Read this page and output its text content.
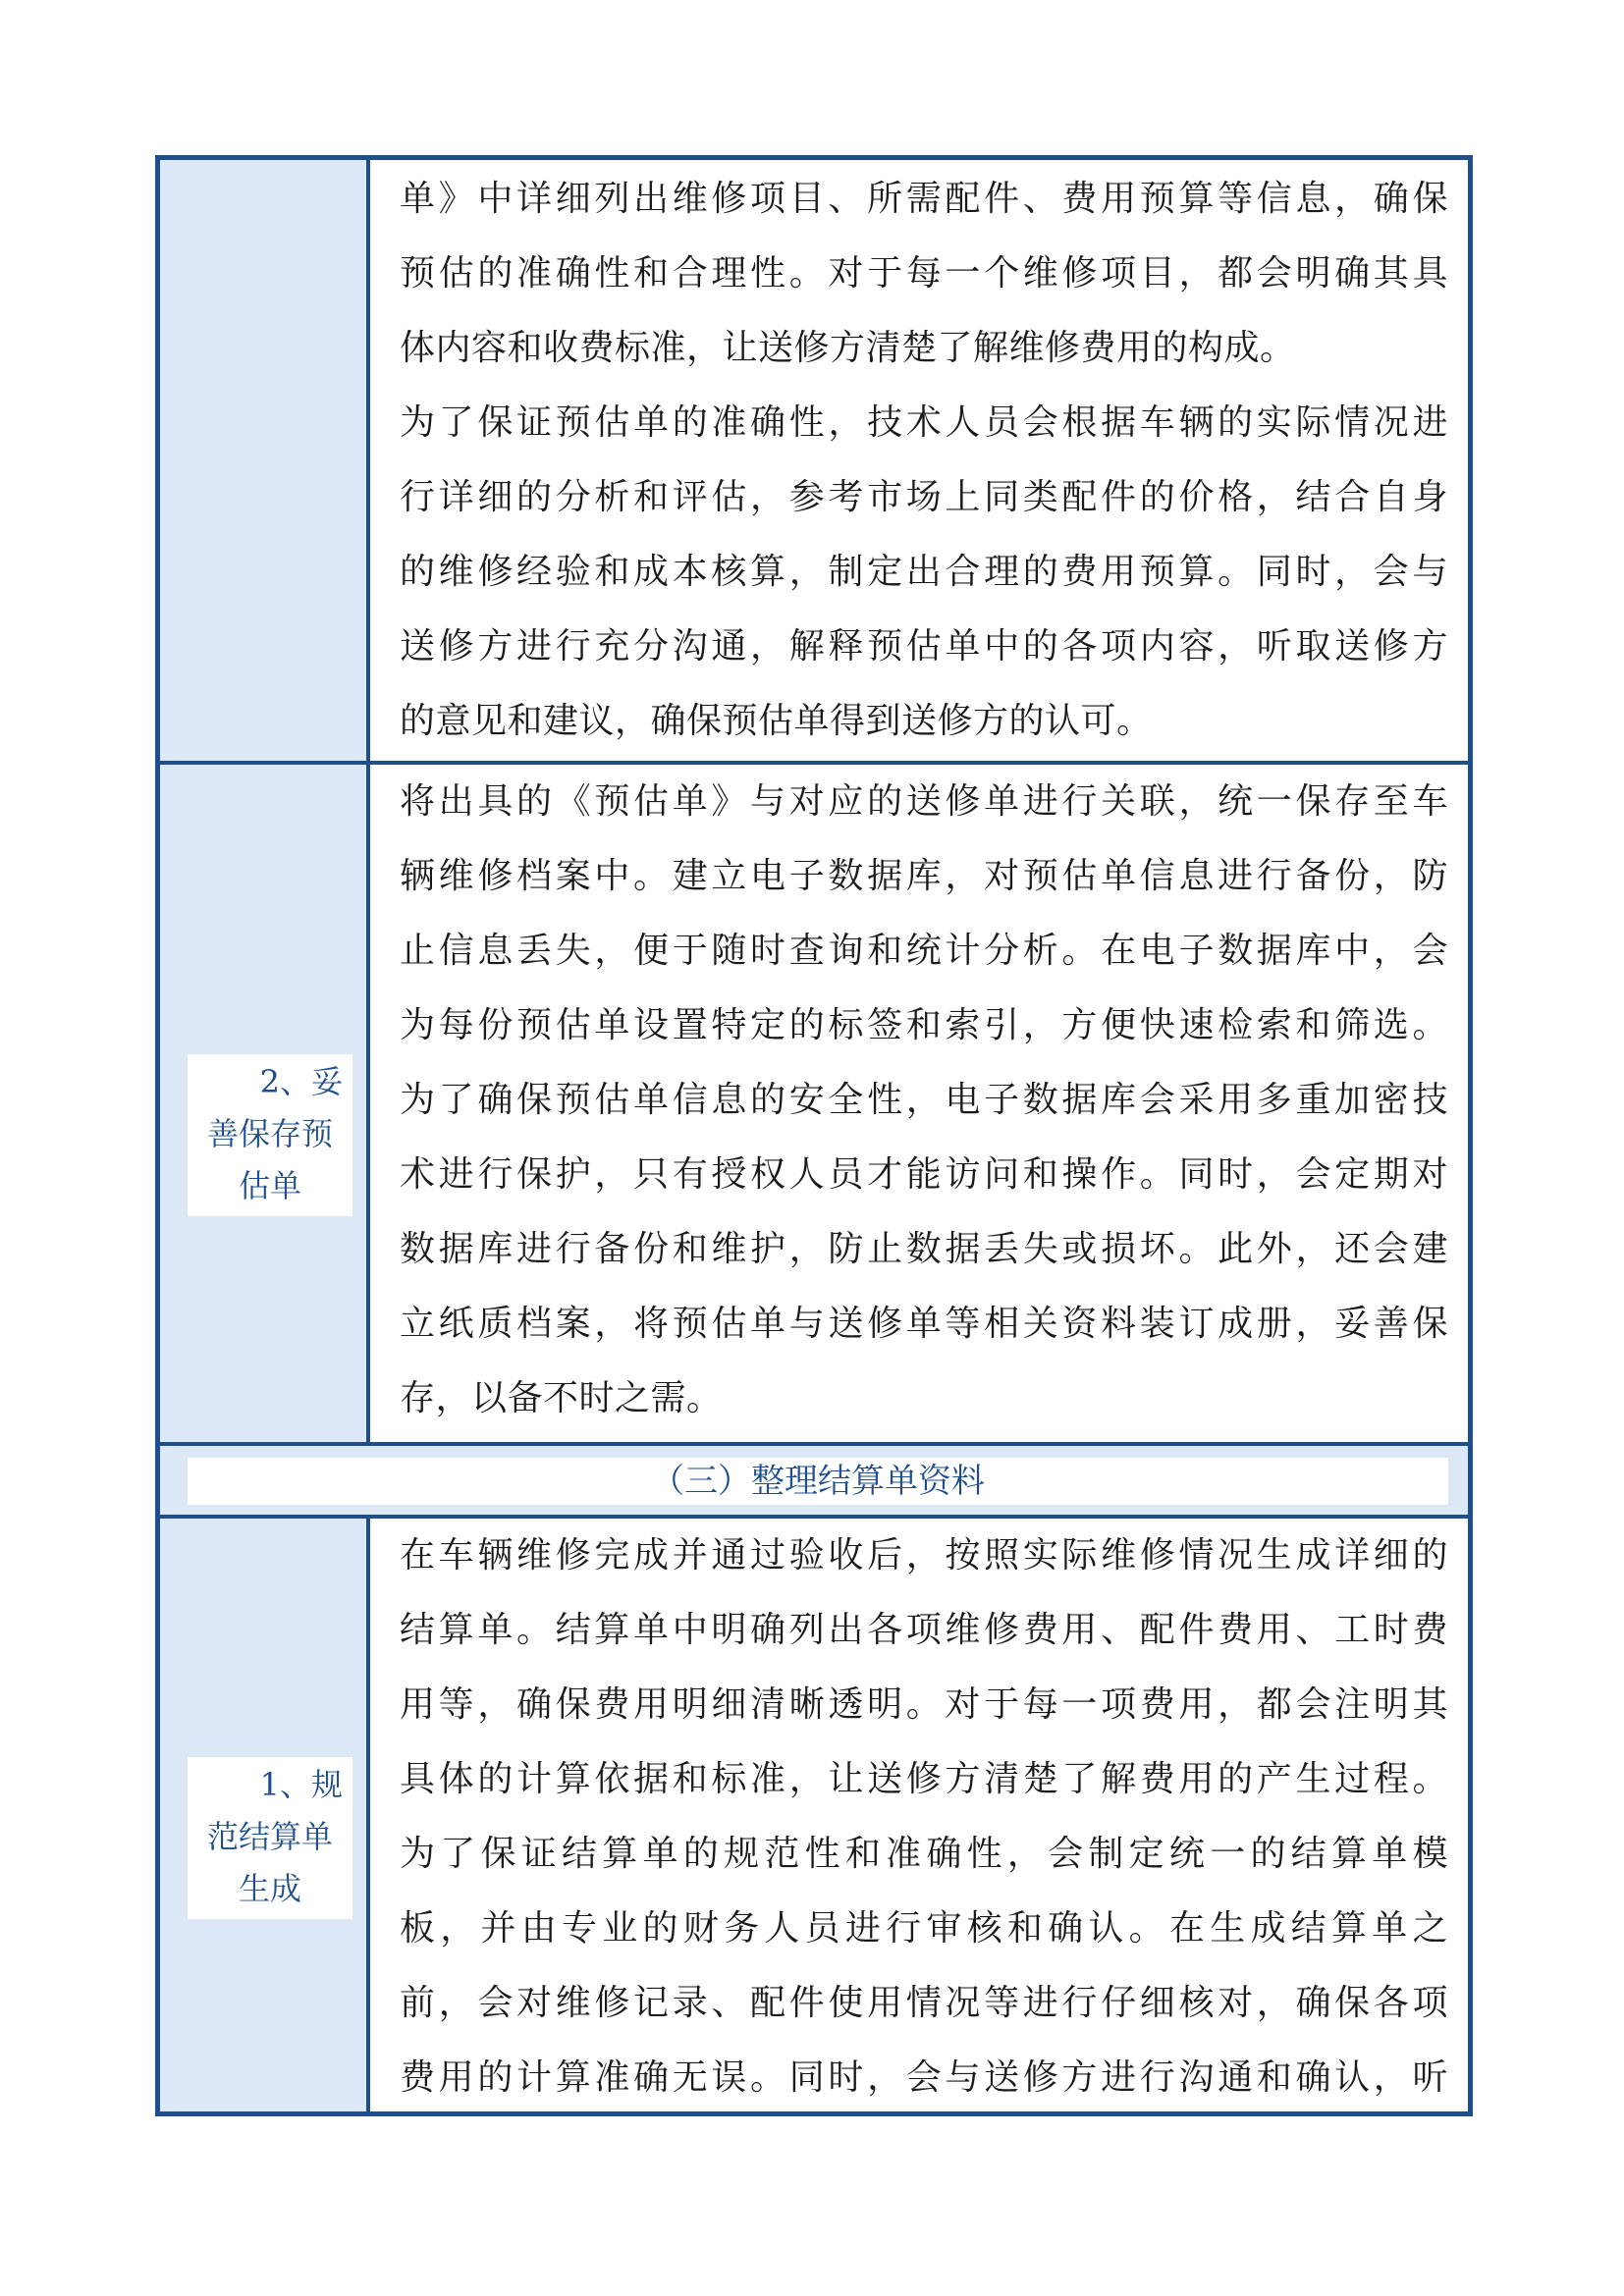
单》中详细列出维修项目、所需配件、费用预算等信息，确保
预估的准确性和合理性。对于每一个维修项目，都会明确其具
体内容和收费标准，让送修方清楚了解维修费用的构成。
为了保证预估单的准确性，技术人员会根据车辆的实际情况进
行详细的分析和评估，参考市场上同类配件的价格，结合自身
的维修经验和成本核算，制定出合理的费用预算。同时，会与
送修方进行充分沟通，解释预估单中的各项内容，听取送修方
的意见和建议，确保预估单得到送修方的认可。
2、妥
善保存预
估单
将出具的《预估单》与对应的送修单进行关联，统一保存至车
辆维修档案中。建立电子数据库，对预估单信息进行备份，防
止信息丢失，便于随时查询和统计分析。在电子数据库中，会
为每份预估单设置特定的标签和索引，方便快速检索和筛选。
为了确保预估单信息的安全性，电子数据库会采用多重加密技
术进行保护，只有授权人员才能访问和操作。同时，会定期对
数据库进行备份和维护，防止数据丢失或损坏。此外，还会建
立纸质档案，将预估单与送修单等相关资料装订成册，妥善保
存，以备不时之需。
（三）整理结算单资料
1、规
范结算单
生成
在车辆维修完成并通过验收后，按照实际维修情况生成详细的
结算单。结算单中明确列出各项维修费用、配件费用、工时费
用等，确保费用明细清晰透明。对于每一项费用，都会注明其
具体的计算依据和标准，让送修方清楚了解费用的产生过程。
为了保证结算单的规范性和准确性，会制定统一的结算单模
板，并由专业的财务人员进行审核和确认。在生成结算单之
前，会对维修记录、配件使用情况等进行仔细核对，确保各项
费用的计算准确无误。同时，会与送修方进行沟通和确认，听
